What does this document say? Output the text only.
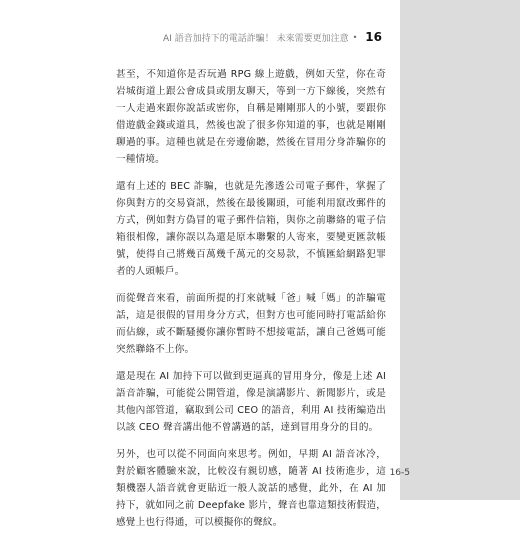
AI 語音加持下的電話詐騙！ 未來需要更加注意 • 16

甚至，不知道你是否玩過 RPG 線上遊戲，例如天堂，你在奇岩城街道上跟公會成員或朋友聊天，等到一方下線後，突然有一人走過來跟你說話或密你，自稱是剛剛那人的小號，要跟你借遊戲金錢或道具，然後也說了很多你知道的事，也就是剛剛聊過的事。這種也就是在旁邊偷聽，然後在冒用分身詐騙你的一種情境。

還有上述的 BEC 詐騙，也就是先滲透公司電子郵件，掌握了你與對方的交易資訊，然後在最後關頭，可能利用竄改郵件的方式，例如對方偽冒的電子郵件信箱，與你之前聯絡的電子信箱很相像，讓你誤以為還是原本聯繫的人寄來，要變更匯款帳號，使得自己將幾百萬幾千萬元的交易款，不慎匯給網路犯罪者的人頭帳戶。

而從聲音來看，前面所提的打來就喊「爸」喊「媽」的詐騙電話，這是很假的冒用身分方式，但對方也可能同時打電話給你而佔線，或不斷騷擾你讓你暫時不想接電話，讓自己爸媽可能突然聯絡不上你。

還是現在 AI 加持下可以做到更逼真的冒用身分，像是上述 AI 語音詐騙，可能從公開管道，像是演講影片、新聞影片，或是其他內部管道，竊取到公司 CEO 的語音，利用 AI 技術編造出以該 CEO 聲音講出他不曾講過的話，達到冒用身分的目的。

另外，也可以從不同面向來思考。例如，早期 AI 語音冰冷，對於顧客體驗來說，比較沒有親切感，隨著 AI 技術進步，這類機器人語音就會更貼近一般人說話的感覺，此外，在 AI 加持下，就如同之前 Deepfake 影片，聲音也靠這類技術假造，感覺上也行得通，可以模擬你的聲紋。

16-5
